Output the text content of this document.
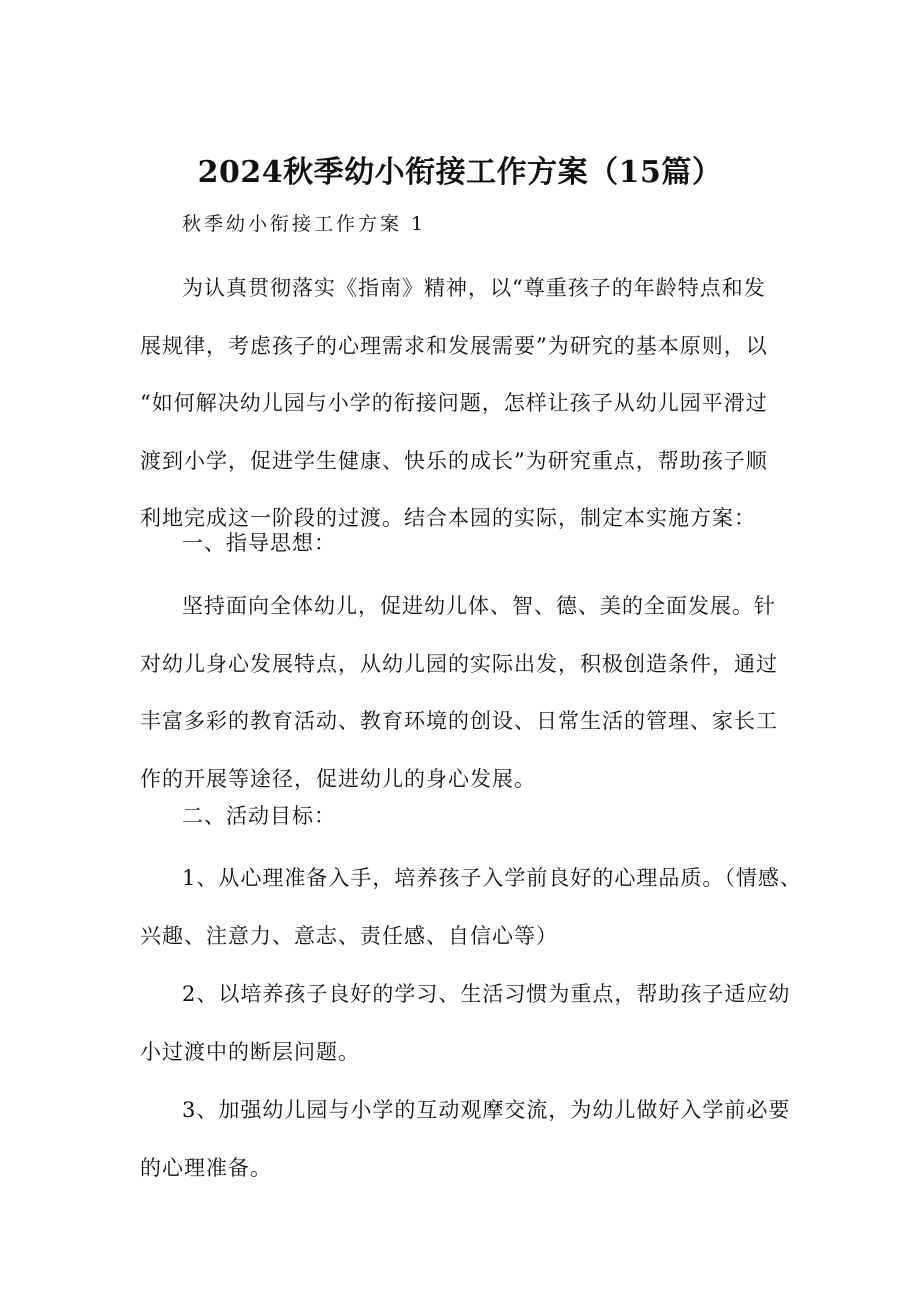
2024秋季幼小衔接工作方案（15篇）
秋季幼小衔接工作方案 1
为认真贯彻落实《指南》精神，以“尊重孩子的年龄特点和发
展规律，考虑孩子的心理需求和发展需要”为研究的基本原则，以
“如何解决幼儿园与小学的衔接问题，怎样让孩子从幼儿园平滑过
渡到小学，促进学生健康、快乐的成长”为研究重点，帮助孩子顺
利地完成这一阶段的过渡。结合本园的实际，制定本实施方案：
一、指导思想：
坚持面向全体幼儿，促进幼儿体、智、德、美的全面发展。针
对幼儿身心发展特点，从幼儿园的实际出发，积极创造条件，通过
丰富多彩的教育活动、教育环境的创设、日常生活的管理、家长工
作的开展等途径，促进幼儿的身心发展。
二、活动目标：
1、从心理准备入手，培养孩子入学前良好的心理品质。（情感、
兴趣、注意力、意志、责任感、自信心等）
2、以培养孩子良好的学习、生活习惯为重点，帮助孩子适应幼
小过渡中的断层问题。
3、加强幼儿园与小学的互动观摩交流，为幼儿做好入学前必要
的心理准备。
